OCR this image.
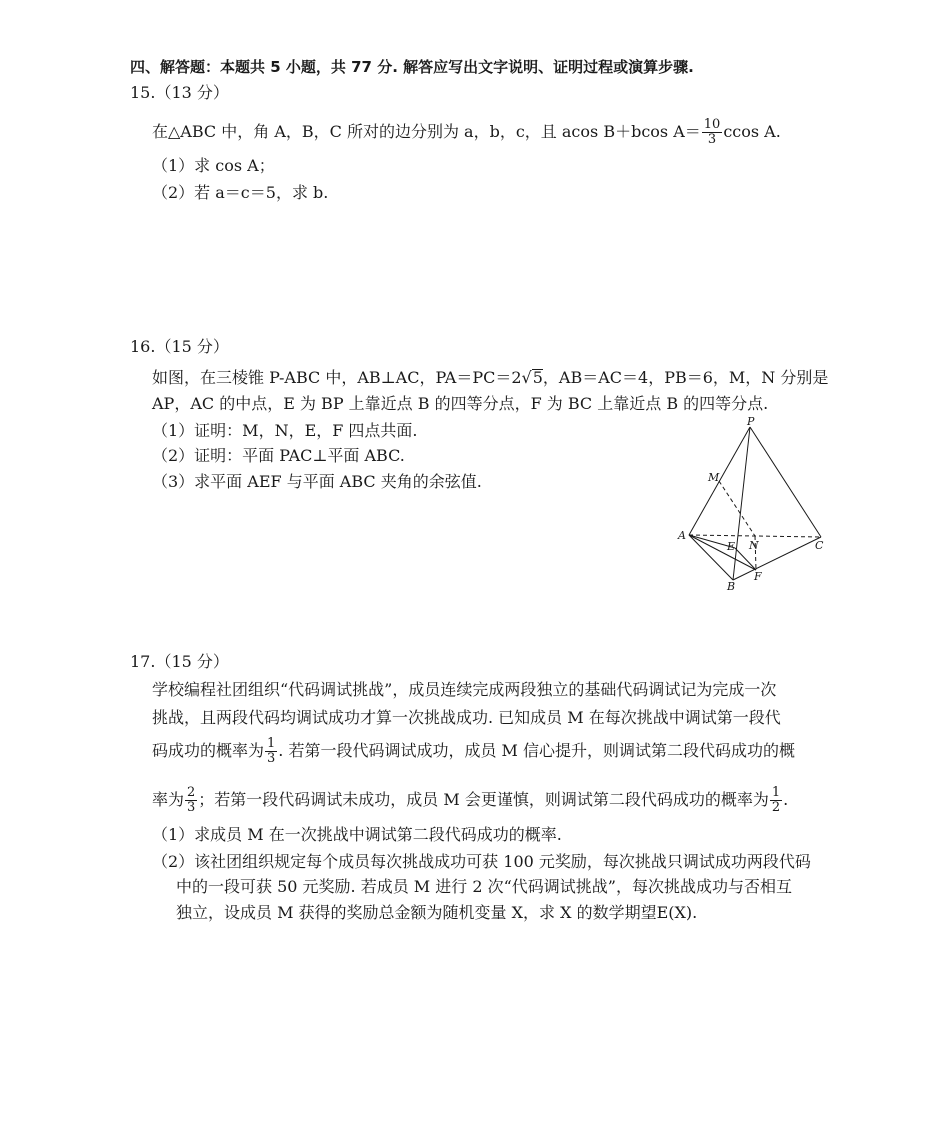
四、解答题：本题共 5 小题，共 77 分. 解答应写出文字说明、证明过程或演算步骤.
15.（13 分）
在△ABC 中，角 A，B，C 所对的边分别为 a，b，c，且 acos B＋bcos $A= \frac{10}{3}$ ccos A.
（1）求 cos A；
（2）若 a＝c＝5，求 b.
16.（15 分）
如图，在三棱锥 P-ABC 中，AB⊥AC，PA＝PC＝2√5，AB＝AC＝4，PB＝6，M，N 分别是
AP，AC 的中点，E 为 BP 上靠近点 B 的四等分点，F 为 BC 上靠近点 B 的四等分点.
（1）证明：M，N，E，F 四点共面.
（2）证明：平面 PAC⊥平面 ABC.
（3）求平面 AEF 与平面 ABC 夹角的余弦值.
P
M
A
E N	C
B
F
17.（15 分）
学校编程社团组织“代码调试挑战”，成员连续完成两段独立的基础代码调试记为完成一次
挑战，且两段代码均调试成功才算一次挑战成功. 已知成员 M 在每次挑战中调试第一段代
码成功的概率为 $\frac{1}{3}$ . 若第一段代码调试成功，成员 M 信心提升，则调试第二段代码成功的概
率为 $\frac{2}{3}$ ；若第一段代码调试未成功，成员 M 会更谨慎，则调试第二段代码成功的概率为 $\frac{1}{2}$ .
（1）求成员 M 在一次挑战中调试第二段代码成功的概率.
（2）该社团组织规定每个成员每次挑战成功可获 100 元奖励，每次挑战只调试成功两段代码
中的一段可获 50 元奖励. 若成员 M 进行 2 次“代码调试挑战”，每次挑战成功与否相互
独立，设成员 M 获得的奖励总金额为随机变量 X，求 X 的数学期望E(X).
